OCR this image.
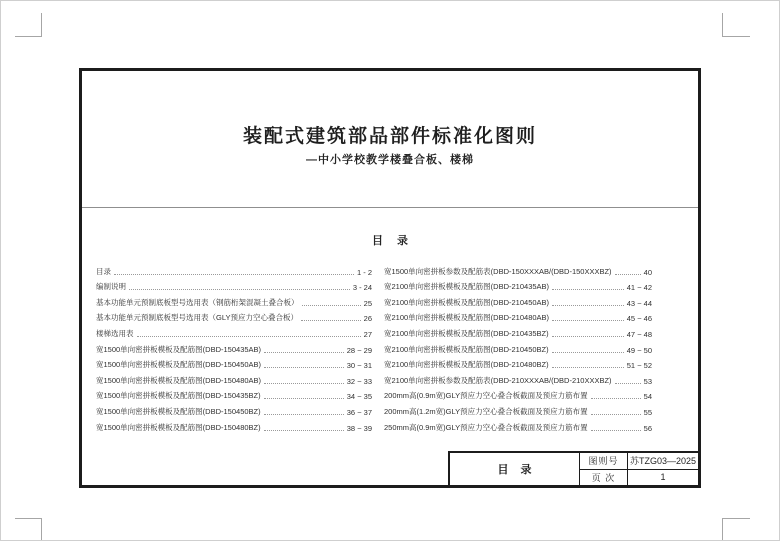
装配式建筑部品部件标准化图则
—中小学校教学楼叠合板、楼梯
目录
目录	1 - 2
编制说明	3 - 24
基本功能单元预制底板型号选用表（钢筋桁架混凝土叠合板）	25
基本功能单元预制底板型号选用表（GLY预应力空心叠合板）	26
楼梯选用表	27
宽1500单向密拼板模板及配筋图(DBD-150435AB)	28 ~ 29
宽1500单向密拼板模板及配筋图(DBD-150450AB)	30 ~ 31
宽1500单向密拼板模板及配筋图(DBD-150480AB)	32 ~ 33
宽1500单向密拼板模板及配筋图(DBD-150435BZ)	34 ~ 35
宽1500单向密拼板模板及配筋图(DBD-150450BZ)	36 ~ 37
宽1500单向密拼板模板及配筋图(DBD-150480BZ)	38 ~ 39
宽1500单向密拼板参数及配筋表(DBD-150XXXAB/(DBD-150XXXBZ)	40
宽2100单向密拼板模板及配筋图(DBD-210435AB)	41 ~ 42
宽2100单向密拼板模板及配筋图(DBD-210450AB)	43 ~ 44
宽2100单向密拼板模板及配筋图(DBD-210480AB)	45 ~ 46
宽2100单向密拼板模板及配筋图(DBD-210435BZ)	47 ~ 48
宽2100单向密拼板模板及配筋图(DBD-210450BZ)	49 ~ 50
宽2100单向密拼板模板及配筋图(DBD-210480BZ)	51 ~ 52
宽2100单向密拼板参数及配筋表(DBD-210XXXAB/(DBD-210XXXBZ)	53
200mm高(0.9m宽)GLY预应力空心叠合板截面及预应力筋布置	54
200mm高(1.2m宽)GLY预应力空心叠合板截面及预应力筋布置	55
250mm高(0.9m宽)GLY预应力空心叠合板截面及预应力筋布置	56
目录
图则号	苏TZG03—2025
页 次	1
